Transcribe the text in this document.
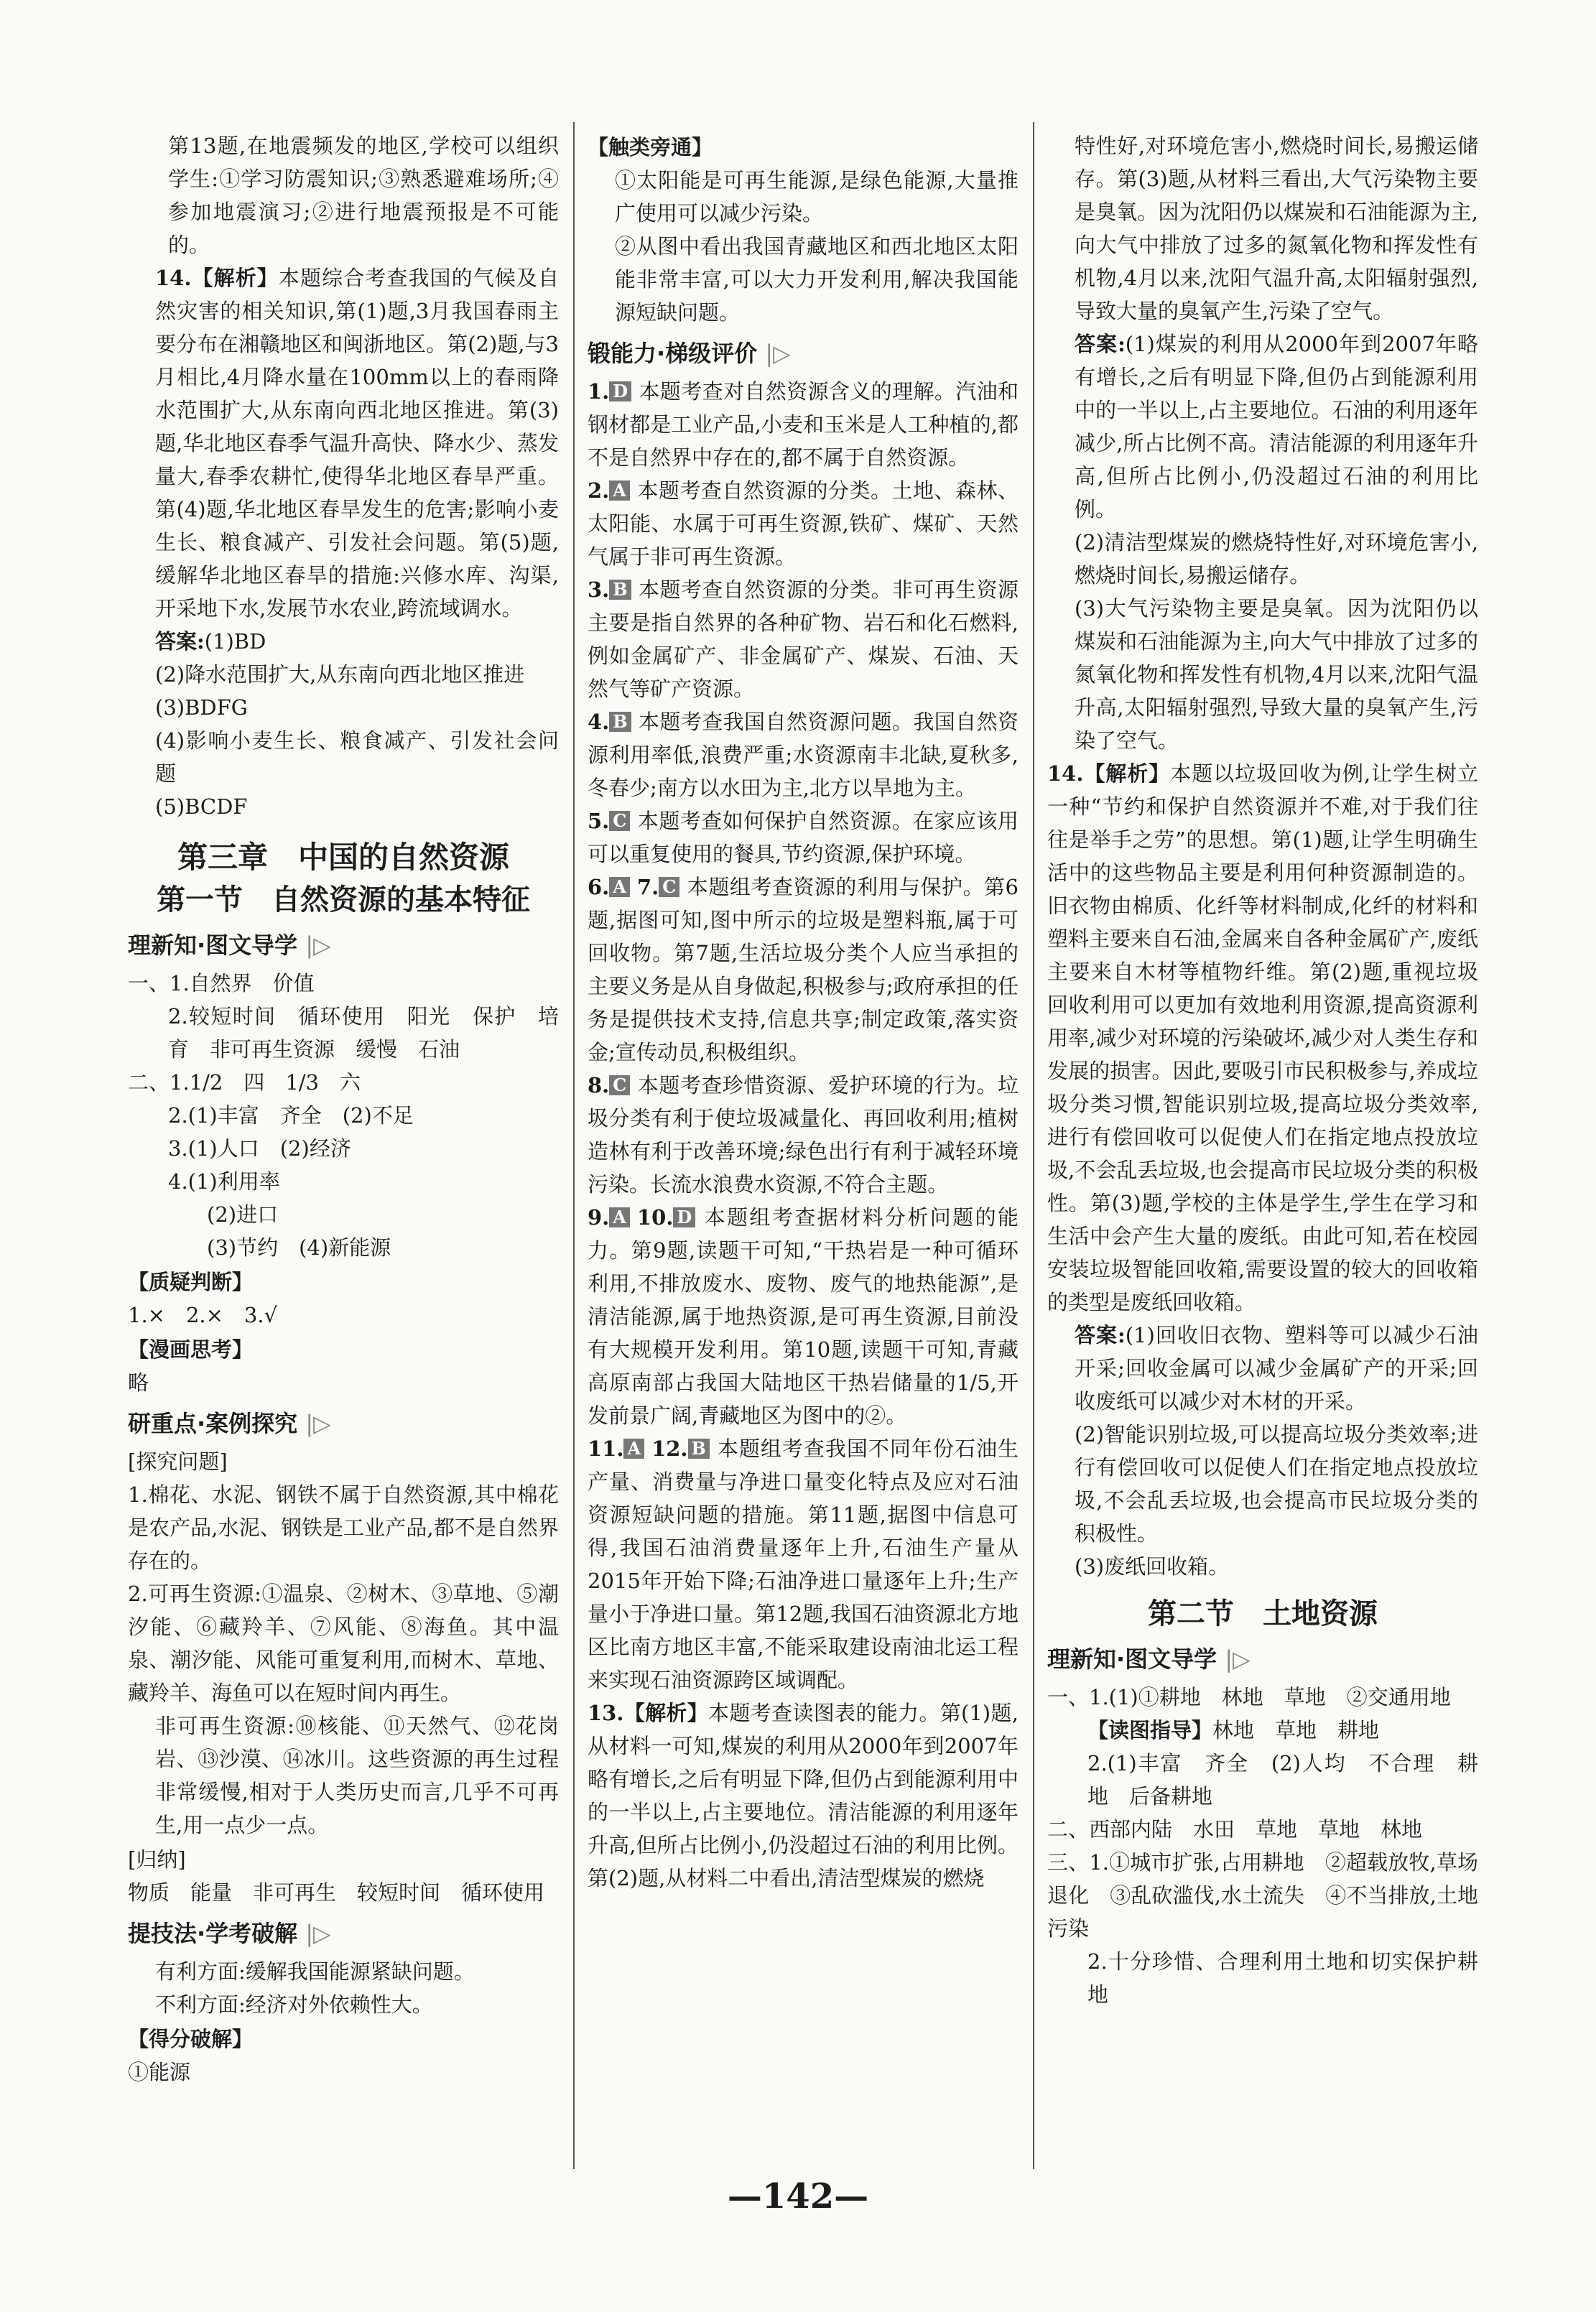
第13题,在地震频发的地区,学校可以组织学生:①学习防震知识;③熟悉避难场所;④参加地震演习;②进行地震预报是不可能的。

14.【解析】本题综合考查我国的气候及自然灾害的相关知识,第(1)题,3月我国春雨主要分布在湘赣地区和闽浙地区。第(2)题,与3月相比,4月降水量在100mm以上的春雨降水范围扩大,从东南向西北地区推进。第(3)题,华北地区春季气温升高快、降水少、蒸发量大,春季农耕忙,使得华北地区春旱严重。第(4)题,华北地区春旱发生的危害;影响小麦生长、粮食减产、引发社会问题。第(5)题,缓解华北地区春旱的措施:兴修水库、沟渠,开采地下水,发展节水农业,跨流域调水。

答案:(1)BD

(2)降水范围扩大,从东南向西北地区推进

(3)BDFG

(4)影响小麦生长、粮食减产、引发社会问题

(5)BCDF

第三章　中国的自然资源

第一节　自然资源的基本特征

理新知·图文导学 |▷

一、1.自然界　价值

2.较短时间　循环使用　阳光　保护　培育　非可再生资源　缓慢　石油

二、1.1/2　四　1/3　六

2.(1)丰富　齐全　(2)不足

3.(1)人口　(2)经济

4.(1)利用率

(2)进口

(3)节约　(4)新能源

【质疑判断】

1.×　2.×　3.√

【漫画思考】

略

研重点·案例探究 |▷

[探究问题]

1.棉花、水泥、钢铁不属于自然资源,其中棉花是农产品,水泥、钢铁是工业产品,都不是自然界存在的。

2.可再生资源:①温泉、②树木、③草地、⑤潮汐能、⑥藏羚羊、⑦风能、⑧海鱼。其中温泉、潮汐能、风能可重复利用,而树木、草地、藏羚羊、海鱼可以在短时间内再生。

非可再生资源:⑩核能、⑪天然气、⑫花岗岩、⑬沙漠、⑭冰川。这些资源的再生过程非常缓慢,相对于人类历史而言,几乎不可再生,用一点少一点。

[归纳]

物质　能量　非可再生　较短时间　循环使用

提技法·学考破解 |▷

有利方面:缓解我国能源紧缺问题。

不利方面:经济对外依赖性大。

【得分破解】

①能源

【触类旁通】

①太阳能是可再生能源,是绿色能源,大量推广使用可以减少污染。

②从图中看出我国青藏地区和西北地区太阳能非常丰富,可以大力开发利用,解决我国能源短缺问题。

锻能力·梯级评价 |▷

1. D 本题考查对自然资源含义的理解。汽油和钢材都是工业产品,小麦和玉米是人工种植的,都不是自然界中存在的,都不属于自然资源。

2. A 本题考查自然资源的分类。土地、森林、太阳能、水属于可再生资源,铁矿、煤矿、天然气属于非可再生资源。

3. B 本题考查自然资源的分类。非可再生资源主要是指自然界的各种矿物、岩石和化石燃料,例如金属矿产、非金属矿产、煤炭、石油、天然气等矿产资源。

4. B 本题考查我国自然资源问题。我国自然资源利用率低,浪费严重;水资源南丰北缺,夏秋多,冬春少;南方以水田为主,北方以旱地为主。

5. C 本题考查如何保护自然资源。在家应该用可以重复使用的餐具,节约资源,保护环境。

6. A 7. C 本题组考查资源的利用与保护。第6题,据图可知,图中所示的垃圾是塑料瓶,属于可回收物。第7题,生活垃圾分类个人应当承担的主要义务是从自身做起,积极参与;政府承担的任务是提供技术支持,信息共享;制定政策,落实资金;宣传动员,积极组织。

8. C 本题考查珍惜资源、爱护环境的行为。垃圾分类有利于使垃圾减量化、再回收利用;植树造林有利于改善环境;绿色出行有利于减轻环境污染。长流水浪费水资源,不符合主题。

9. A 10. D 本题组考查据材料分析问题的能力。第9题,读题干可知,“干热岩是一种可循环利用,不排放废水、废物、废气的地热能源”,是清洁能源,属于地热资源,是可再生资源,目前没有大规模开发利用。第10题,读题干可知,青藏高原南部占我国大陆地区干热岩储量的1/5,开发前景广阔,青藏地区为图中的②。

11. A 12. B 本题组考查我国不同年份石油生产量、消费量与净进口量变化特点及应对石油资源短缺问题的措施。第11题,据图中信息可得,我国石油消费量逐年上升,石油生产量从2015年开始下降;石油净进口量逐年上升;生产量小于净进口量。第12题,我国石油资源北方地区比南方地区丰富,不能采取建设南油北运工程来实现石油资源跨区域调配。

13.【解析】本题考查读图表的能力。第(1)题,从材料一可知,煤炭的利用从2000年到2007年略有增长,之后有明显下降,但仍占到能源利用中的一半以上,占主要地位。清洁能源的利用逐年升高,但所占比例小,仍没超过石油的利用比例。第(2)题,从材料二中看出,清洁型煤炭的燃烧

特性好,对环境危害小,燃烧时间长,易搬运储存。第(3)题,从材料三看出,大气污染物主要是臭氧。因为沈阳仍以煤炭和石油能源为主,向大气中排放了过多的氮氧化物和挥发性有机物,4月以来,沈阳气温升高,太阳辐射强烈,导致大量的臭氧产生,污染了空气。

答案:(1)煤炭的利用从2000年到2007年略有增长,之后有明显下降,但仍占到能源利用中的一半以上,占主要地位。石油的利用逐年减少,所占比例不高。清洁能源的利用逐年升高,但所占比例小,仍没超过石油的利用比例。

(2)清洁型煤炭的燃烧特性好,对环境危害小,燃烧时间长,易搬运储存。

(3)大气污染物主要是臭氧。因为沈阳仍以煤炭和石油能源为主,向大气中排放了过多的氮氧化物和挥发性有机物,4月以来,沈阳气温升高,太阳辐射强烈,导致大量的臭氧产生,污染了空气。

14.【解析】本题以垃圾回收为例,让学生树立一种“节约和保护自然资源并不难,对于我们往往是举手之劳”的思想。第(1)题,让学生明确生活中的这些物品主要是利用何种资源制造的。旧衣物由棉质、化纤等材料制成,化纤的材料和塑料主要来自石油,金属来自各种金属矿产,废纸主要来自木材等植物纤维。第(2)题,重视垃圾回收利用可以更加有效地利用资源,提高资源利用率,减少对环境的污染破坏,减少对人类生存和发展的损害。因此,要吸引市民积极参与,养成垃圾分类习惯,智能识别垃圾,提高垃圾分类效率,进行有偿回收可以促使人们在指定地点投放垃圾,不会乱丢垃圾,也会提高市民垃圾分类的积极性。第(3)题,学校的主体是学生,学生在学习和生活中会产生大量的废纸。由此可知,若在校园安装垃圾智能回收箱,需要设置的较大的回收箱的类型是废纸回收箱。

答案:(1)回收旧衣物、塑料等可以减少石油开采;回收金属可以减少金属矿产的开采;回收废纸可以减少对木材的开采。

(2)智能识别垃圾,可以提高垃圾分类效率;进行有偿回收可以促使人们在指定地点投放垃圾,不会乱丢垃圾,也会提高市民垃圾分类的积极性。

(3)废纸回收箱。

第二节　土地资源

理新知·图文导学 |▷

一、1.(1)①耕地　林地　草地　②交通用地

【读图指导】林地　草地　耕地

2.(1)丰富　齐全　(2)人均　不合理　耕地　后备耕地

二、西部内陆　水田　草地　草地　林地

三、1.①城市扩张,占用耕地　②超载放牧,草场退化　③乱砍滥伐,水土流失　④不当排放,土地污染

2.十分珍惜、合理利用土地和切实保护耕地

—142—
